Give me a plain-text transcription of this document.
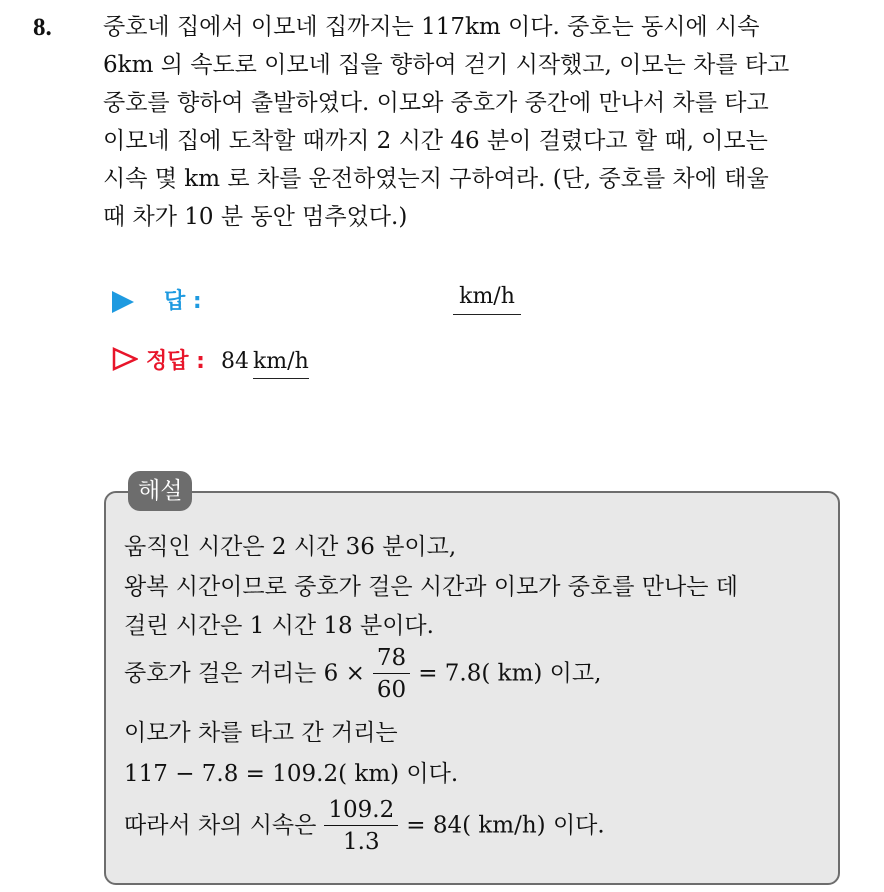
8. 중호네 집에서 이모네 집까지는 117km 이다. 중호는 동시에 시속
6km 의 속도로 이모네 집을 향하여 걷기 시작했고, 이모는 차를 타고
중호를 향하여 출발하였다. 이모와 중호가 중간에 만나서 차를 타고
이모네 집에 도착할 때까지 2 시간 46 분이 걸렸다고 할 때, 이모는
시속 몇 km 로 차를 운전하였는지 구하여라. (단, 중호를 차에 태울
때 차가 10 분 동안 멈추었다.)
답 :	km/h
정답 : 84 km/h
해설
움직인 시간은 2 시간 36 분이고,
왕복 시간이므로 중호가 걸은 시간과 이모가 중호를 만나는 데
걸린 시간은 1 시간 18 분이다.
중호가 걸은 거리는 $6 \times \frac{78}{60} = 7.8$( km) 이고,
이모가 차를 타고 간 거리는
117 − 7.8 = 109.2( km) 이다.
따라서 차의 시속은 $\frac{109.2}{1.3} = 84$( km/h) 이다.
